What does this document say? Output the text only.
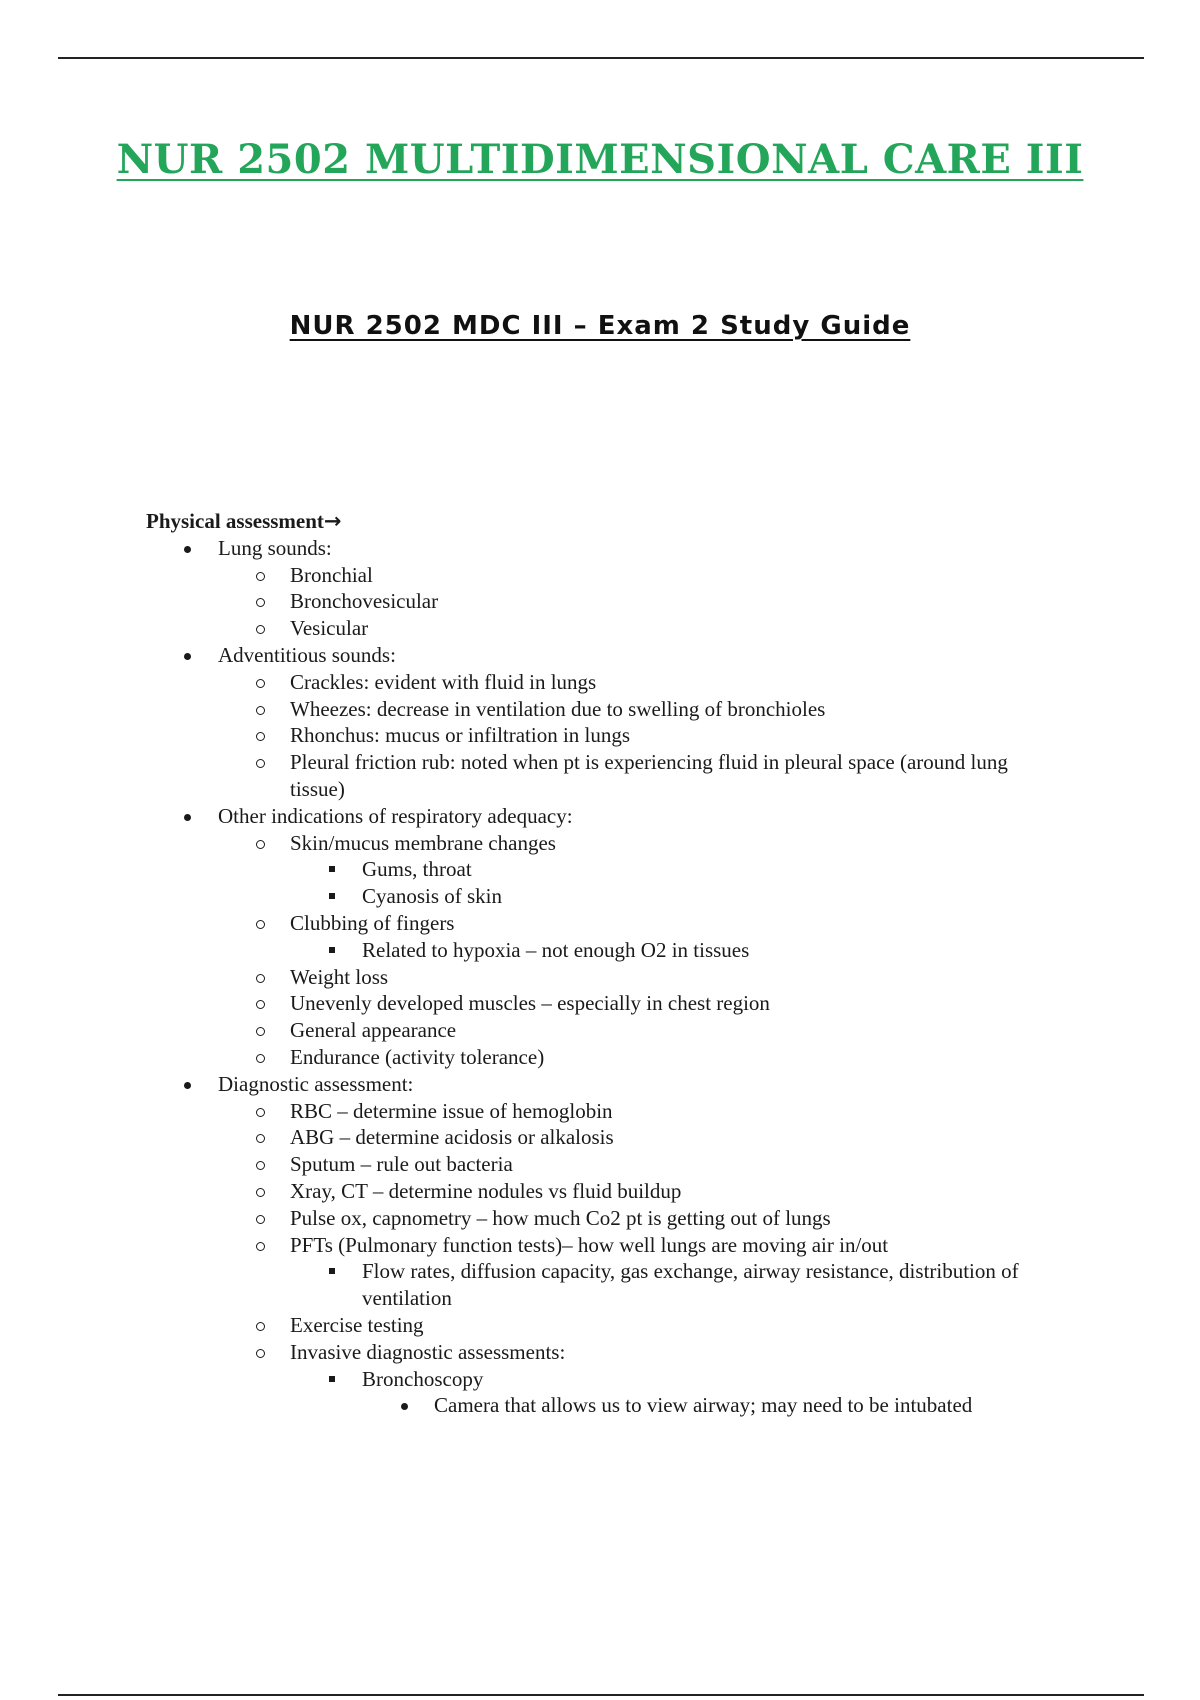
NUR 2502 MULTIDIMENSIONAL CARE III
NUR 2502 MDC III – Exam 2 Study Guide

Physical assessment→

Lung sounds:
Bronchial
Bronchovesicular
Vesicular
Adventitious sounds:
Crackles: evident with fluid in lungs
Wheezes: decrease in ventilation due to swelling of bronchioles
Rhonchus: mucus or infiltration in lungs
Pleural friction rub: noted when pt is experiencing fluid in pleural space (around lung tissue)
Other indications of respiratory adequacy:
Skin/mucus membrane changes
Gums, throat
Cyanosis of skin
Clubbing of fingers
Related to hypoxia – not enough O2 in tissues
Weight loss
Unevenly developed muscles – especially in chest region
General appearance
Endurance (activity tolerance)
Diagnostic assessment:
RBC – determine issue of hemoglobin
ABG – determine acidosis or alkalosis
Sputum – rule out bacteria
Xray, CT – determine nodules vs fluid buildup
Pulse ox, capnometry – how much Co2 pt is getting out of lungs
PFTs (Pulmonary function tests)– how well lungs are moving air in/out
Flow rates, diffusion capacity, gas exchange, airway resistance, distribution of ventilation
Exercise testing
Invasive diagnostic assessments:
Bronchoscopy
Camera that allows us to view airway; may need to be intubated
